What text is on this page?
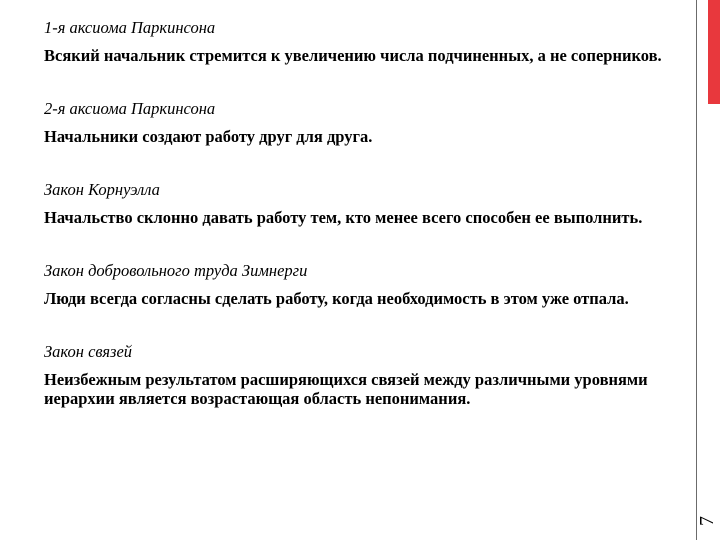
7

1-я аксиома Паркинсона

Всякий начальник стремится к увеличению числа подчиненных, а не соперников.

2-я аксиома Паркинсона

Начальники создают работу друг для друга.

Закон Корнуэлла

Начальство склонно давать работу тем, кто менее всего способен ее выполнить.

Закон добровольного труда Зимнерги

Люди всегда согласны сделать работу, когда необходимость в этом уже отпала.

Закон связей

Неизбежным результатом расширяющихся связей между различными уровнями иерархии является возрастающая область непонимания.
